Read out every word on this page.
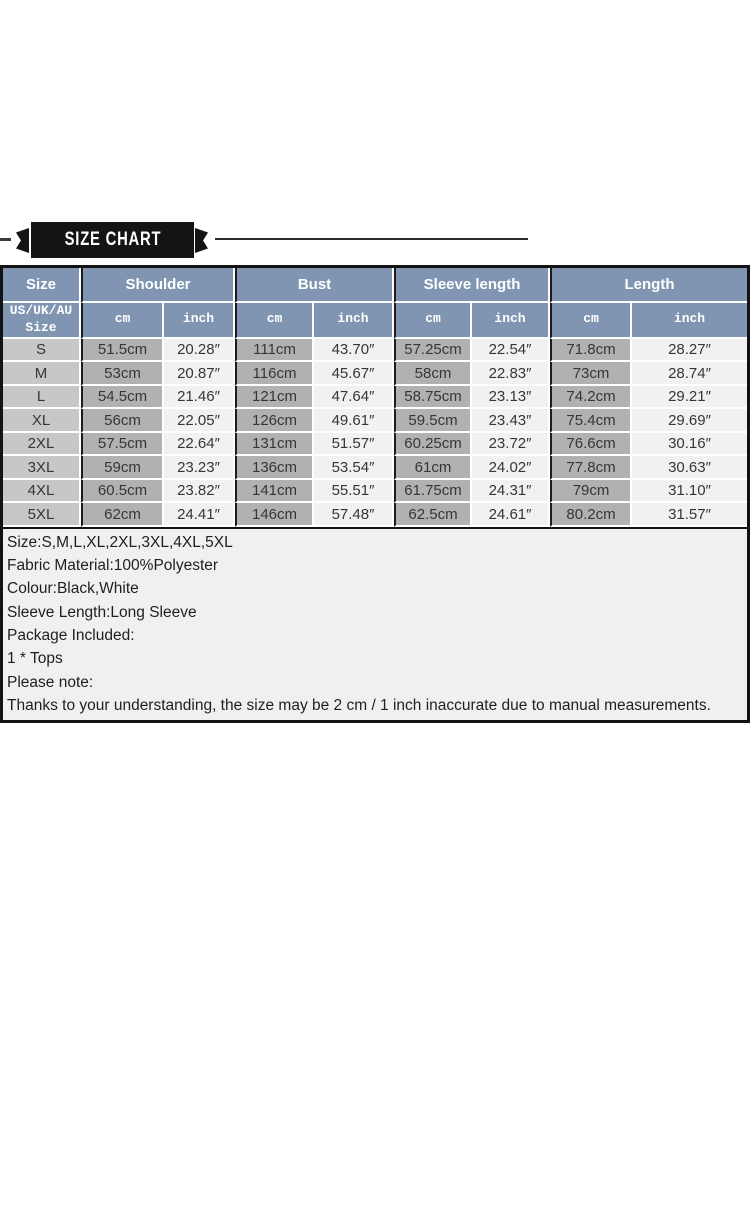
SIZE CHART
Size	Shoulder		Bust		Sleeve length		Length	
US/UK/AU Size	cm	inch	cm	inch	cm	inch	cm	inch
S	51.5cm	20.28″	111cm	43.70″	57.25cm	22.54″	71.8cm	28.27″
M	53cm	20.87″	116cm	45.67″	58cm	22.83″	73cm	28.74″
L	54.5cm	21.46″	121cm	47.64″	58.75cm	23.13″	74.2cm	29.21″
XL	56cm	22.05″	126cm	49.61″	59.5cm	23.43″	75.4cm	29.69″
2XL	57.5cm	22.64″	131cm	51.57″	60.25cm	23.72″	76.6cm	30.16″
3XL	59cm	23.23″	136cm	53.54″	61cm	24.02″	77.8cm	30.63″
4XL	60.5cm	23.82″	141cm	55.51″	61.75cm	24.31″	79cm	31.10″
5XL	62cm	24.41″	146cm	57.48″	62.5cm	24.61″	80.2cm	31.57″
Size:S,M,L,XL,2XL,3XL,4XL,5XL
Fabric Material:100%Polyester
Colour:Black,White
Sleeve Length:Long Sleeve
Package Included:
1 * Tops
Please note:
Thanks to your understanding, the size may be 2 cm / 1 inch inaccurate due to manual measurements.
